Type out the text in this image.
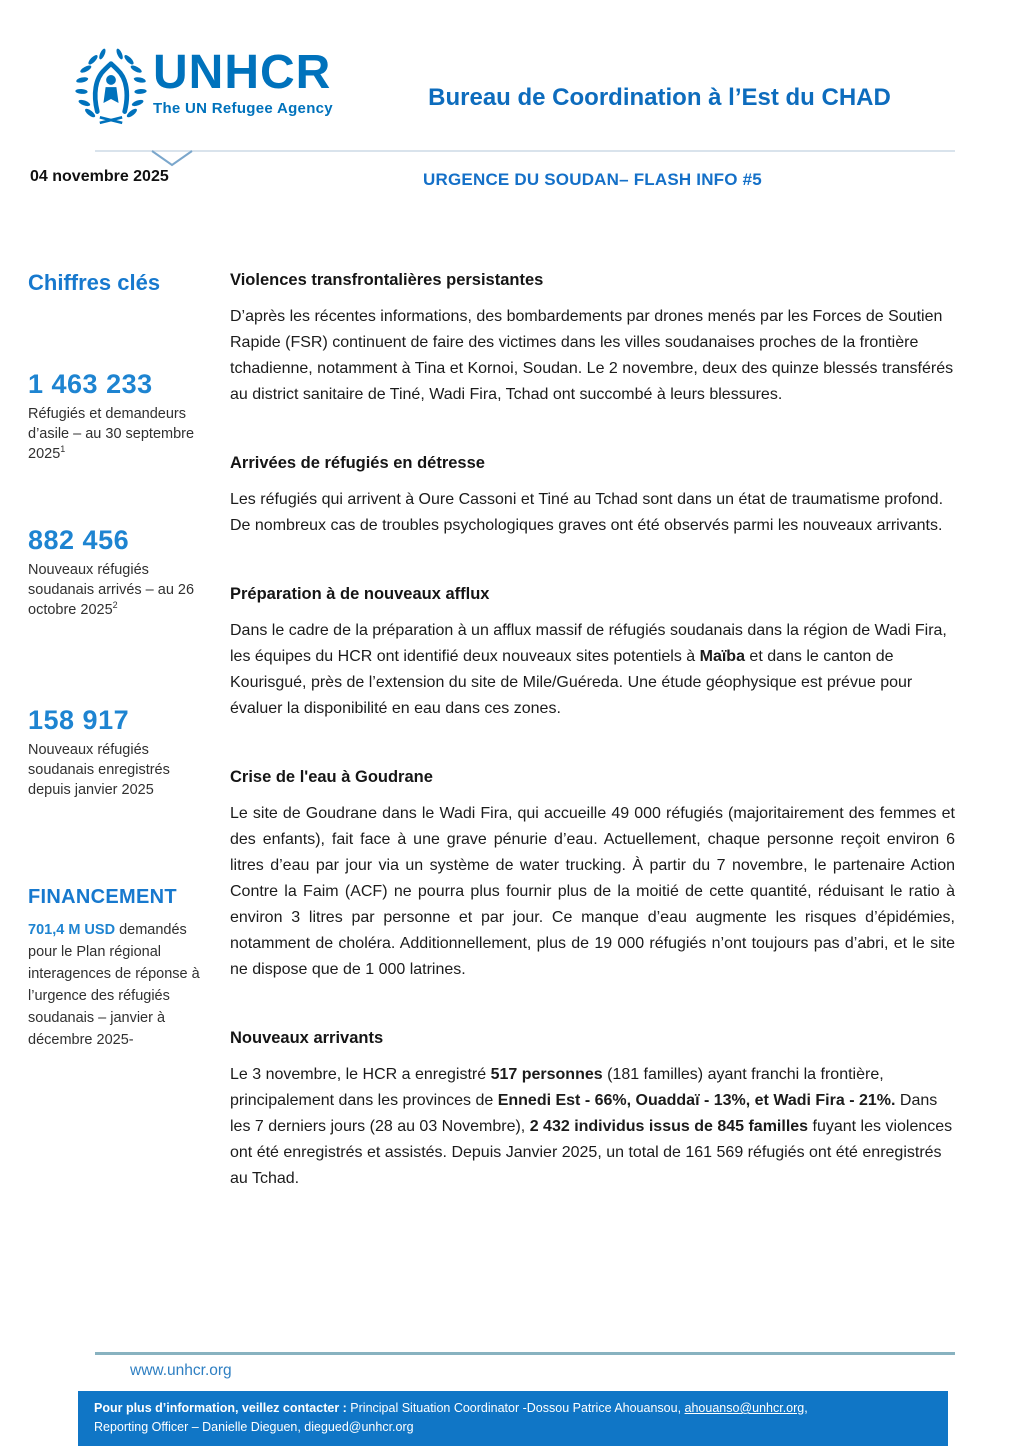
UNHCR
The UN Refugee Agency	Bureau de Coordination à l’Est du CHAD
04 novembre 2025	URGENCE DU SOUDAN– FLASH INFO #5
Chiffres clés
1 463 233
Réfugiés et demandeurs d’asile – au 30 septembre 2025$^1$
882 456
Nouveaux réfugiés soudanais arrivés – au 26 octobre 2025$^2$
158 917
Nouveaux réfugiés soudanais enregistrés depuis janvier 2025
FINANCEMENT
701,4 M USD demandés pour le Plan régional interagences de réponse à l’urgence des réfugiés soudanais – janvier à décembre 2025-
Violences transfrontalières persistantes
D’après les récentes informations, des bombardements par drones menés par les Forces de Soutien Rapide (FSR) continuent de faire des victimes dans les villes soudanaises proches de la frontière tchadienne, notamment à Tina et Kornoi, Soudan. Le 2 novembre, deux des quinze blessés transférés au district sanitaire de Tiné, Wadi Fira, Tchad ont succombé à leurs blessures.
Arrivées de réfugiés en détresse
Les réfugiés qui arrivent à Oure Cassoni et Tiné au Tchad sont dans un état de traumatisme profond. De nombreux cas de troubles psychologiques graves ont été observés parmi les nouveaux arrivants.
Préparation à de nouveaux afflux
Dans le cadre de la préparation à un afflux massif de réfugiés soudanais dans la région de Wadi Fira, les équipes du HCR ont identifié deux nouveaux sites potentiels à Maïba et dans le canton de Kourisgué, près de l’extension du site de Mile/Guéreda. Une étude géophysique est prévue pour évaluer la disponibilité en eau dans ces zones.
Crise de l'eau à Goudrane
Le site de Goudrane dans le Wadi Fira, qui accueille 49 000 réfugiés (majoritairement des femmes et des enfants), fait face à une grave pénurie d’eau. Actuellement, chaque personne reçoit environ 6 litres d’eau par jour via un système de water trucking. À partir du 7 novembre, le partenaire Action Contre la Faim (ACF) ne pourra plus fournir plus de la moitié de cette quantité, réduisant le ratio à environ 3 litres par personne et par jour. Ce manque d’eau augmente les risques d’épidémies, notamment de choléra. Additionnellement, plus de 19 000 réfugiés n’ont toujours pas d’abri, et le site ne dispose que de 1 000 latrines.
Nouveaux arrivants
Le 3 novembre, le HCR a enregistré 517 personnes (181 familles) ayant franchi la frontière, principalement dans les provinces de Ennedi Est - 66%, Ouaddaï - 13%, et Wadi Fira - 21%. Dans les 7 derniers jours (28 au 03 Novembre), 2 432 individus issus de 845 familles fuyant les violences ont été enregistrés et assistés. Depuis Janvier 2025, un total de 161 569 réfugiés ont été enregistrés au Tchad.
www.unhcr.org
Pour plus d’information, veillez contacter : Principal Situation Coordinator -Dossou Patrice Ahouansou, ahouanso@unhcr.org,
Reporting Officer – Danielle Dieguen, diegued@unhcr.org
